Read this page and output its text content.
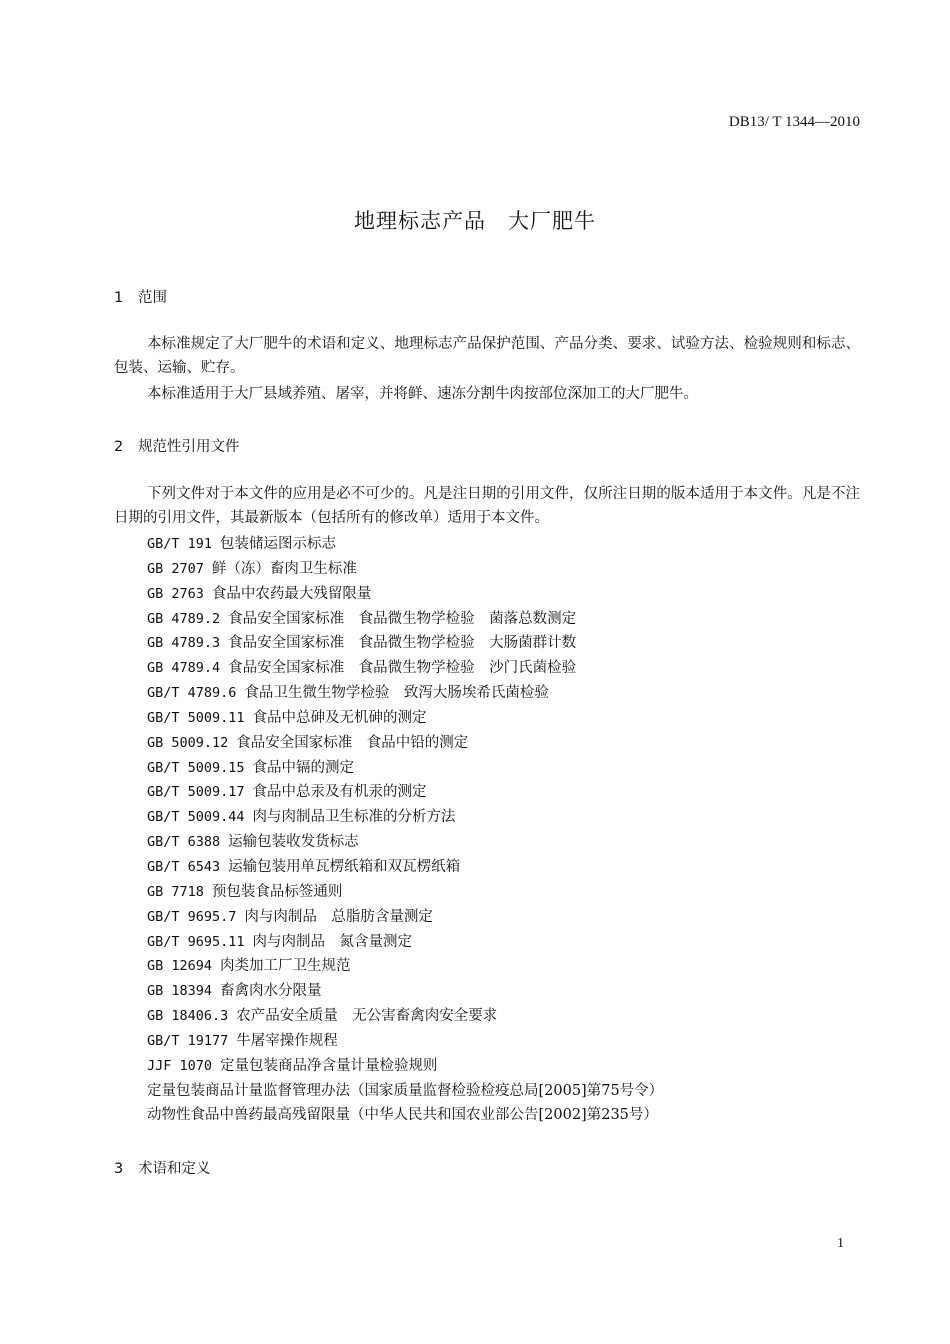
DB13/ T 1344—2010
地理标志产品　大厂肥牛
1 范围
本标准规定了大厂肥牛的术语和定义、地理标志产品保护范围、产品分类、要求、试验方法、检验规则和标志、包装、运输、贮存。
本标准适用于大厂县域养殖、屠宰，并将鲜、速冻分割牛肉按部位深加工的大厂肥牛。
2 规范性引用文件
下列文件对于本文件的应用是必不可少的。凡是注日期的引用文件，仅所注日期的版本适用于本文件。凡是不注日期的引用文件，其最新版本（包括所有的修改单）适用于本文件。
GB/T 191 包装储运图示标志
GB 2707 鲜（冻）畜肉卫生标准
GB 2763 食品中农药最大残留限量
GB 4789.2 食品安全国家标准　食品微生物学检验　菌落总数测定
GB 4789.3 食品安全国家标准　食品微生物学检验　大肠菌群计数
GB 4789.4 食品安全国家标准　食品微生物学检验　沙门氏菌检验
GB/T 4789.6 食品卫生微生物学检验　致泻大肠埃希氏菌检验
GB/T 5009.11 食品中总砷及无机砷的测定
GB 5009.12 食品安全国家标准　食品中铅的测定
GB/T 5009.15 食品中镉的测定
GB/T 5009.17 食品中总汞及有机汞的测定
GB/T 5009.44 肉与肉制品卫生标准的分析方法
GB/T 6388 运输包装收发货标志
GB/T 6543 运输包装用单瓦楞纸箱和双瓦楞纸箱
GB 7718 预包装食品标签通则
GB/T 9695.7 肉与肉制品　总脂肪含量测定
GB/T 9695.11 肉与肉制品　氮含量测定
GB 12694 肉类加工厂卫生规范
GB 18394 畜禽肉水分限量
GB 18406.3 农产品安全质量　无公害畜禽肉安全要求
GB/T 19177 牛屠宰操作规程
JJF 1070 定量包装商品净含量计量检验规则
定量包装商品计量监督管理办法（国家质量监督检验检疫总局[2005]第75号令）
动物性食品中兽药最高残留限量（中华人民共和国农业部公告[2002]第235号）
3 术语和定义
1
